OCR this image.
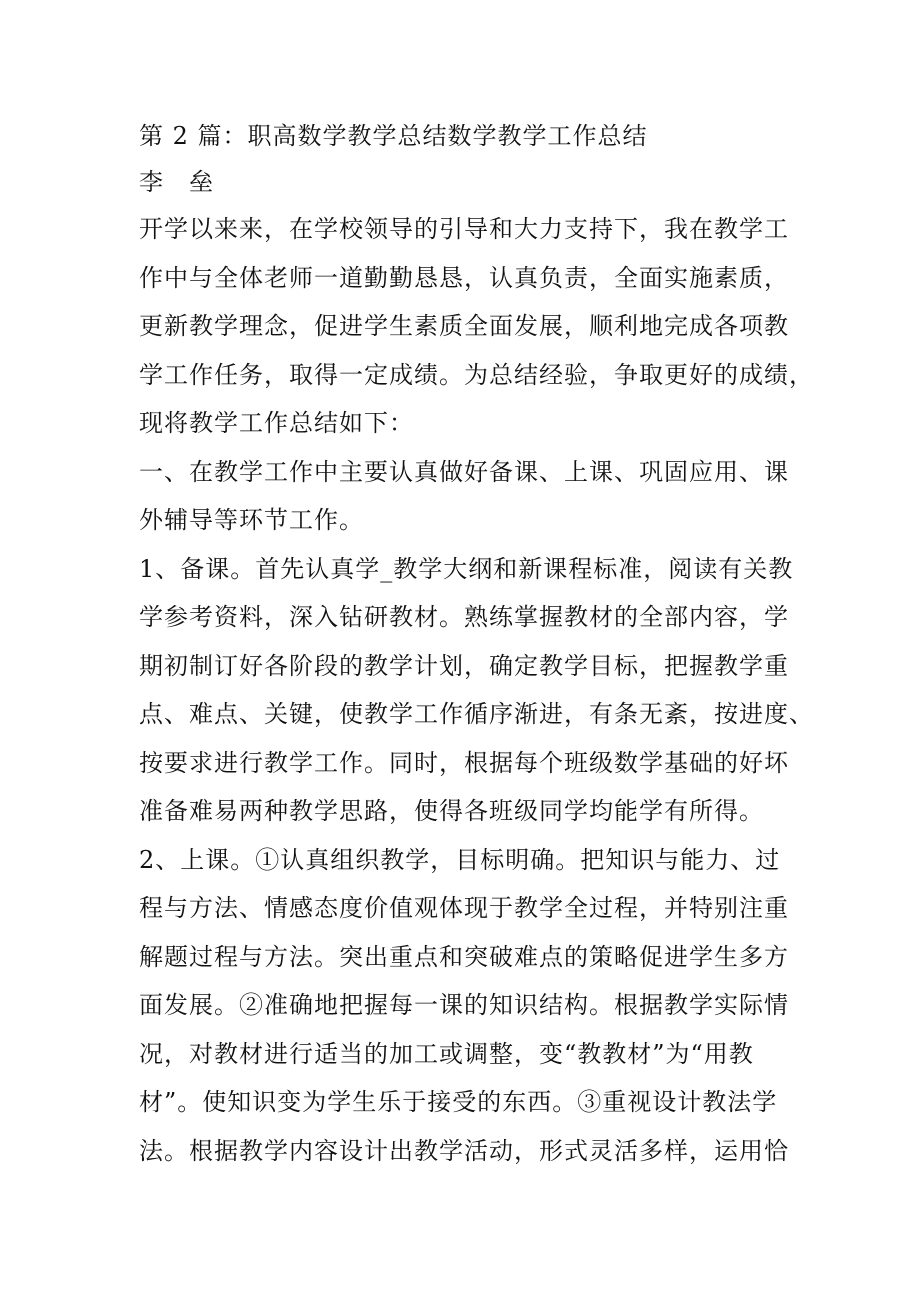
第 2 篇：职高数学教学总结数学教学工作总结
李　垒
开学以来来，在学校领导的引导和大力支持下，我在教学工
作中与全体老师一道勤勤恳恳，认真负责，全面实施素质，
更新教学理念，促进学生素质全面发展，顺利地完成各项教
学工作任务，取得一定成绩。为总结经验，争取更好的成绩，
现将教学工作总结如下：
一、在教学工作中主要认真做好备课、上课、巩固应用、课
外辅导等环节工作。
1、备课。首先认真学_教学大纲和新课程标准，阅读有关教
学参考资料，深入钻研教材。熟练掌握教材的全部内容，学
期初制订好各阶段的教学计划，确定教学目标，把握教学重
点、难点、关键，使教学工作循序渐进，有条无紊，按进度、
按要求进行教学工作。同时，根据每个班级数学基础的好坏
准备难易两种教学思路，使得各班级同学均能学有所得。
2、上课。①认真组织教学，目标明确。把知识与能力、过
程与方法、情感态度价值观体现于教学全过程，并特别注重
解题过程与方法。突出重点和突破难点的策略促进学生多方
面发展。②准确地把握每一课的知识结构。根据教学实际情
况，对教材进行适当的加工或调整，变“教教材”为“用教
材”。使知识变为学生乐于接受的东西。③重视设计教法学
法。根据教学内容设计出教学活动，形式灵活多样，运用恰
